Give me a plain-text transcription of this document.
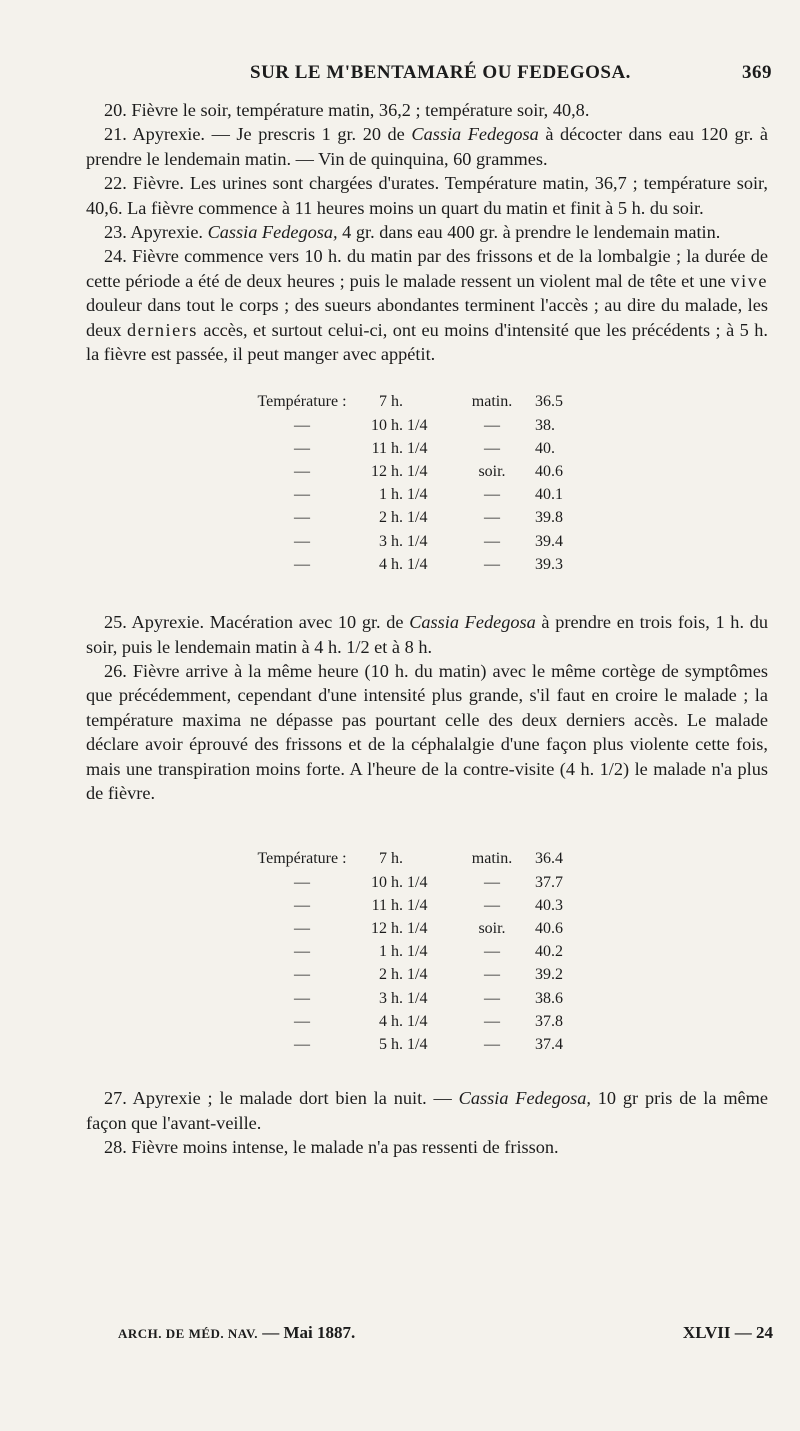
SUR LE M'BENTAMARÉ OU FEDEGOSA.	369

20. Fièvre le soir, température matin, 36,2 ; température soir, 40,8.

21. Apyrexie. — Je prescris 1 gr. 20 de Cassia Fedegosa à décocter dans eau 120 gr. à prendre le lendemain matin. — Vin de quinquina, 60 grammes.

22. Fièvre. Les urines sont chargées d'urates. Température matin, 36,7 ; température soir, 40,6. La fièvre commence à 11 heures moins un quart du matin et finit à 5 h. du soir.

23. Apyrexie. Cassia Fedegosa, 4 gr. dans eau 400 gr. à prendre le lendemain matin.

24. Fièvre commence vers 10 h. du matin par des frissons et de la lombalgie ; la durée de cette période a été de deux heures ; puis le malade ressent un violent mal de tête et une vive douleur dans tout le corps ; des sueurs abondantes terminent l'accès ; au dire du malade, les deux derniers accès, et surtout celui-ci, ont eu moins d'intensité que les précédents ; à 5 h. la fièvre est passée, il peut manger avec appétit.

Température :	7 h.		matin.	36.5
—	10 h.	1/4	—	38.
—	11 h.	1/4	—	40.
—	12 h.	1/4	soir.	40.6
—	1 h.	1/4	—	40.1
—	2 h.	1/4	—	39.8
—	3 h.	1/4	—	39.4
—	4 h.	1/4	—	39.3

25. Apyrexie. Macération avec 10 gr. de Cassia Fedegosa à prendre en trois fois, 1 h. du soir, puis le lendemain matin à 4 h. 1/2 et à 8 h.

26. Fièvre arrive à la même heure (10 h. du matin) avec le même cortège de symptômes que précédemment, cependant d'une intensité plus grande, s'il faut en croire le malade ; la température maxima ne dépasse pas pourtant celle des deux derniers accès. Le malade déclare avoir éprouvé des frissons et de la céphalalgie d'une façon plus violente cette fois, mais une transpiration moins forte. A l'heure de la contre-visite (4 h. 1/2) le malade n'a plus de fièvre.

Température :	7 h.		matin.	36.4
—	10 h.	1/4	—	37.7
—	11 h.	1/4	—	40.3
—	12 h.	1/4	soir.	40.6
—	1 h.	1/4	—	40.2
—	2 h.	1/4	—	39.2
—	3 h.	1/4	—	38.6
—	4 h.	1/4	—	37.8
—	5 h.	1/4	—	37.4

27. Apyrexie ; le malade dort bien la nuit. — Cassia Fedegosa, 10 gr pris de la même façon que l'avant-veille.

28. Fièvre moins intense, le malade n'a pas ressenti de frisson.

ARCH. DE MÉD. NAV. — Mai 1887.	XLVII — 24
